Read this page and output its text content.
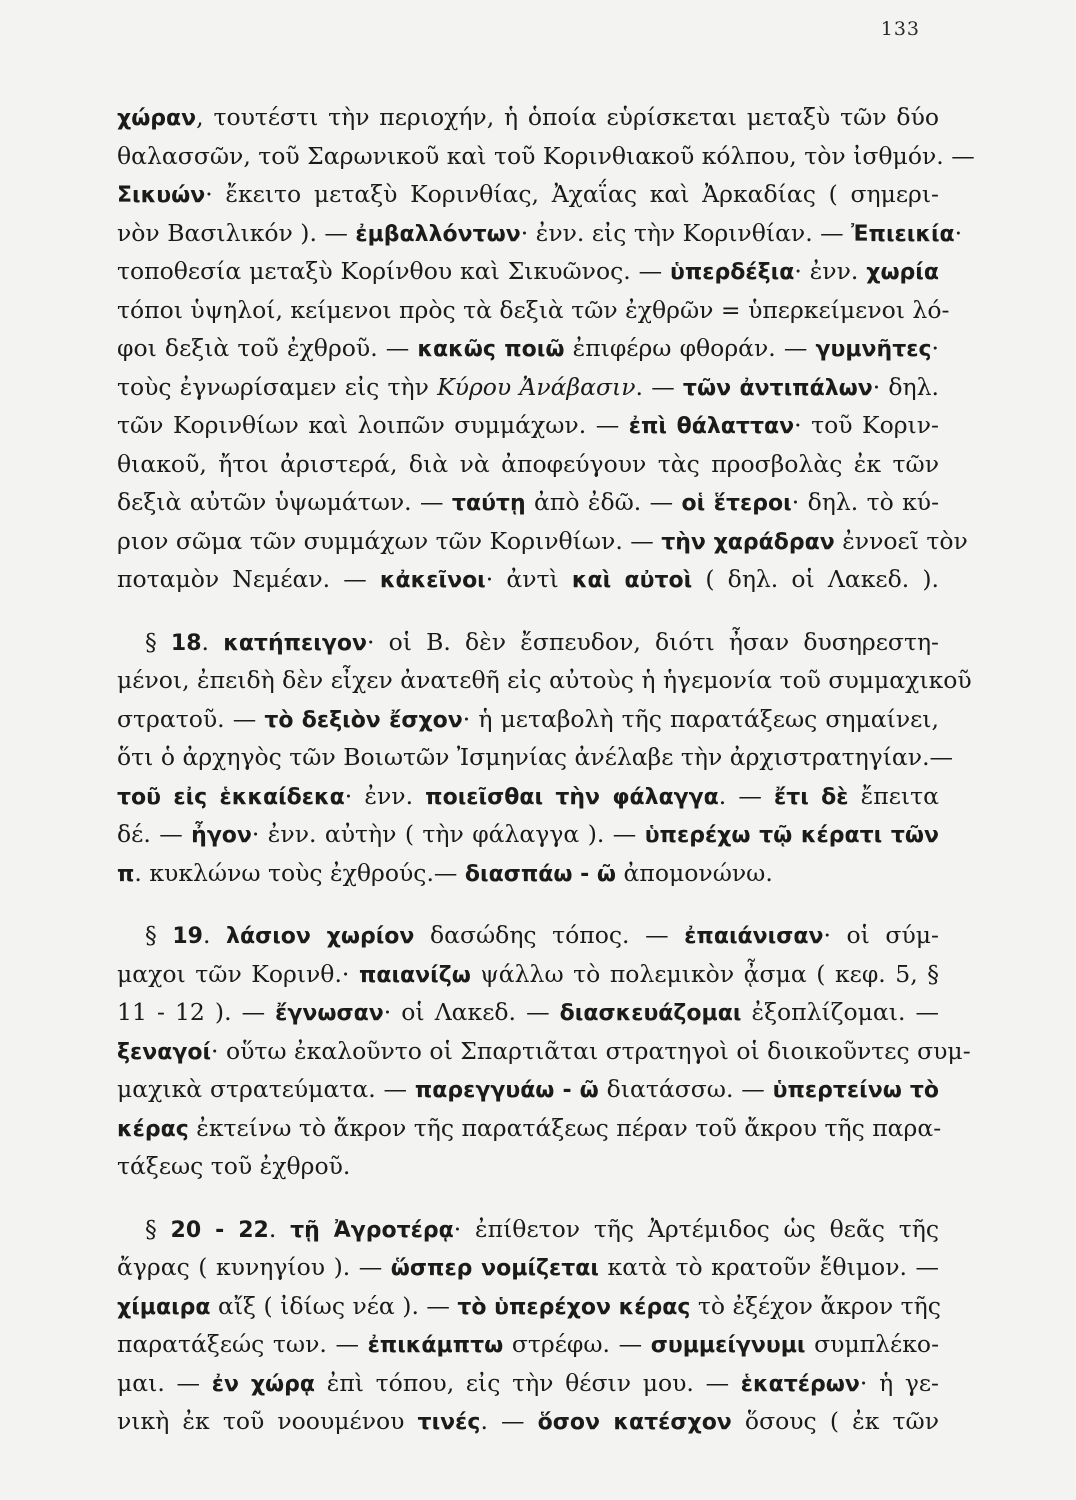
133
χώραν, τουτέστι τὴν περιοχήν, ἡ ὁποία εὑρίσκεται μεταξὺ τῶν δύο
θαλασσῶν, τοῦ Σαρωνικοῦ καὶ τοῦ Κορινθιακοῦ κόλπου, τὸν ἰσθμόν. —
Σικυών· ἔκειτο μεταξὺ Κορινθίας, Ἀχαΐας καὶ Ἀρκαδίας ( σημερι-
νὸν Βασιλικόν ). — ἐμβαλλόντων· ἐνν. εἰς τὴν Κορινθίαν. — Ἐπιεικία·
τοποθεσία μεταξὺ Κορίνθου καὶ Σικυῶνος. — ὑπερδέξια· ἐνν. χωρία
τόποι ὑψηλοί, κείμενοι πρὸς τὰ δεξιὰ τῶν ἐχθρῶν = ὑπερκείμενοι λό-
φοι δεξιὰ τοῦ ἐχθροῦ. — κακῶς ποιῶ ἐπιφέρω φθοράν. — γυμνῆτες·
τοὺς ἐγνωρίσαμεν εἰς τὴν Κύρου Ἀνάβασιν. — τῶν ἀντιπάλων· δηλ.
τῶν Κορινθίων καὶ λοιπῶν συμμάχων. — ἐπὶ θάλατταν· τοῦ Κοριν-
θιακοῦ, ἤτοι ἀριστερά, διὰ νὰ ἀποφεύγουν τὰς προσβολὰς ἐκ τῶν
δεξιὰ αὐτῶν ὑψωμάτων. — ταύτῃ ἀπὸ ἐδῶ. — οἱ ἕτεροι· δηλ. τὸ κύ-
ριον σῶμα τῶν συμμάχων τῶν Κορινθίων. — τὴν χαράδραν ἐννοεῖ τὸν
ποταμὸν Νεμέαν. — κἀκεῖνοι· ἀντὶ καὶ αὐτοὶ ( δηλ. οἱ Λακεδ. ).
§ 18. κατήπειγον· οἱ Β. δὲν ἔσπευδον, διότι ἦσαν δυσηρεστη-
μένοι, ἐπειδὴ δὲν εἶχεν ἀνατεθῆ εἰς αὐτοὺς ἡ ἡγεμονία τοῦ συμμαχικοῦ
στρατοῦ. — τὸ δεξιὸν ἔσχον· ἡ μεταβολὴ τῆς παρατάξεως σημαίνει,
ὅτι ὁ ἀρχηγὸς τῶν Βοιωτῶν Ἰσμηνίας ἀνέλαβε τὴν ἀρχιστρατηγίαν.—
τοῦ εἰς ἑκκαίδεκα· ἐνν. ποιεῖσθαι τὴν φάλαγγα. — ἔτι δὲ ἔπειτα
δέ. — ἦγον· ἐνν. αὐτὴν ( τὴν φάλαγγα ). — ὑπερέχω τῷ κέρατι τῶν
π. κυκλώνω τοὺς ἐχθρούς.— διασπάω - ῶ ἀπομονώνω.
§ 19. λάσιον χωρίον δασώδης τόπος. — ἐπαιάνισαν· οἱ σύμ-
μαχοι τῶν Κορινθ.· παιανίζω ψάλλω τὸ πολεμικὸν ᾆσμα ( κεφ. 5, §
11 - 12 ). — ἔγνωσαν· οἱ Λακεδ. — διασκευάζομαι ἐξοπλίζομαι. —
ξεναγοί· οὕτω ἐκαλοῦντο οἱ Σπαρτιᾶται στρατηγοὶ οἱ διοικοῦντες συμ-
μαχικὰ στρατεύματα. — παρεγγυάω - ῶ διατάσσω. — ὑπερτείνω τὸ
κέρας ἐκτείνω τὸ ἄκρον τῆς παρατάξεως πέραν τοῦ ἄκρου τῆς παρα-
τάξεως τοῦ ἐχθροῦ.
§ 20 - 22. τῇ Ἀγροτέρᾳ· ἐπίθετον τῆς Ἀρτέμιδος ὡς θεᾶς τῆς
ἄγρας ( κυνηγίου ). — ὥσπερ νομίζεται κατὰ τὸ κρατοῦν ἔθιμον. —
χίμαιρα αἴξ ( ἰδίως νέα ). — τὸ ὑπερέχον κέρας τὸ ἐξέχον ἄκρον τῆς
παρατάξεώς των. — ἐπικάμπτω στρέφω. — συμμείγνυμι συμπλέκο-
μαι. — ἐν χώρᾳ ἐπὶ τόπου, εἰς τὴν θέσιν μου. — ἑκατέρων· ἡ γε-
νικὴ ἐκ τοῦ νοουμένου τινές. — ὅσον κατέσχον ὅσους ( ἐκ τῶν
